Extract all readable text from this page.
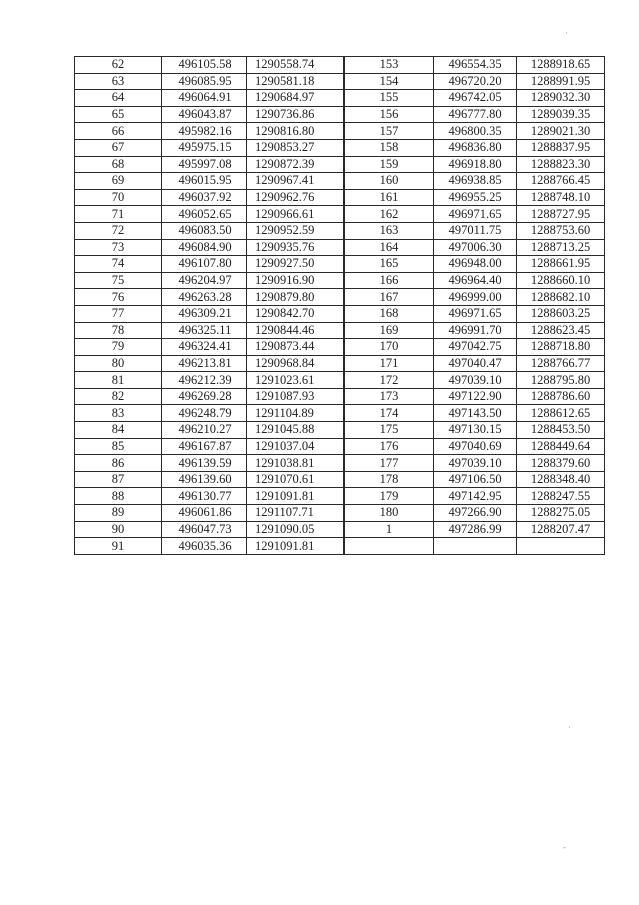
62	496105.58	1290558.74	153	496554.35	1288918.65
63	496085.95	1290581.18	154	496720.20	1288991.95
64	496064.91	1290684.97	155	496742.05	1289032.30
65	496043.87	1290736.86	156	496777.80	1289039.35
66	495982.16	1290816.80	157	496800.35	1289021.30
67	495975.15	1290853.27	158	496836.80	1288837.95
68	495997.08	1290872.39	159	496918.80	1288823.30
69	496015.95	1290967.41	160	496938.85	1288766.45
70	496037.92	1290962.76	161	496955.25	1288748.10
71	496052.65	1290966.61	162	496971.65	1288727.95
72	496083.50	1290952.59	163	497011.75	1288753.60
73	496084.90	1290935.76	164	497006.30	1288713.25
74	496107.80	1290927.50	165	496948.00	1288661.95
75	496204.97	1290916.90	166	496964.40	1288660.10
76	496263.28	1290879.80	167	496999.00	1288682.10
77	496309.21	1290842.70	168	496971.65	1288603.25
78	496325.11	1290844.46	169	496991.70	1288623.45
79	496324.41	1290873.44	170	497042.75	1288718.80
80	496213.81	1290968.84	171	497040.47	1288766.77
81	496212.39	1291023.61	172	497039.10	1288795.80
82	496269.28	1291087.93	173	497122.90	1288786.60
83	496248.79	1291104.89	174	497143.50	1288612.65
84	496210.27	1291045.88	175	497130.15	1288453.50
85	496167.87	1291037.04	176	497040.69	1288449.64
86	496139.59	1291038.81	177	497039.10	1288379.60
87	496139.60	1291070.61	178	497106.50	1288348.40
88	496130.77	1291091.81	179	497142.95	1288247.55
89	496061.86	1291107.71	180	497266.90	1288275.05
90	496047.73	1291090.05	1	497286.99	1288207.47
91	496035.36	1291091.81			
·
·
-
